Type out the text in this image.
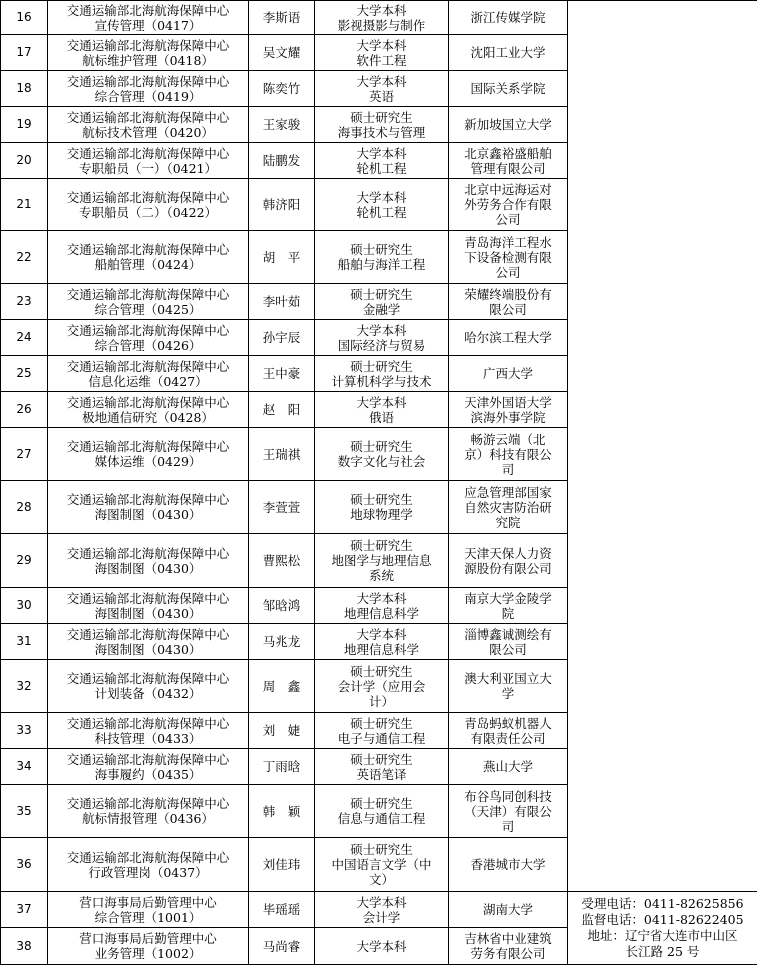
16	交通运输部北海航海保障中心
宣传管理（0417）	李斯语	大学本科
影视摄影与制作	浙江传媒学院	

17	交通运输部北海航海保障中心
航标维护管理（0418）	吴文耀	大学本科
软件工程	沈阳工业大学	

18	交通运输部北海航海保障中心
综合管理（0419）	陈奕竹	大学本科
英语	国际关系学院	

19	交通运输部北海航海保障中心
航标技术管理（0420）	王家骏	硕士研究生
海事技术与管理	新加坡国立大学	

20	交通运输部北海航海保障中心
专职船员（一）（0421）	陆鹏发	大学本科
轮机工程	北京鑫裕盛船舶
管理有限公司	

21	交通运输部北海航海保障中心
专职船员（二）（0422）	韩济阳	大学本科
轮机工程	北京中远海运对
外劳务合作有限
公司	

22	交通运输部北海航海保障中心
船舶管理（0424）	胡　平	硕士研究生
船舶与海洋工程	青岛海洋工程水
下设备检测有限
公司	

23	交通运输部北海航海保障中心
综合管理（0425）	李叶茹	硕士研究生
金融学	荣耀终端股份有
限公司	

24	交通运输部北海航海保障中心
综合管理（0426）	孙宇辰	大学本科
国际经济与贸易	哈尔滨工程大学	

25	交通运输部北海航海保障中心
信息化运维（0427）	王中豪	硕士研究生
计算机科学与技术	广西大学	

26	交通运输部北海航海保障中心
极地通信研究（0428）	赵　阳	大学本科
俄语	天津外国语大学
滨海外事学院	

27	交通运输部北海航海保障中心
媒体运维（0429）	王瑞祺	硕士研究生
数字文化与社会	畅游云端（北
京）科技有限公
司	

28	交通运输部北海航海保障中心
海图制图（0430）	李萱萱	硕士研究生
地球物理学	应急管理部国家
自然灾害防治研
究院	

29	交通运输部北海航海保障中心
海图制图（0430）	曹熙松	硕士研究生
地图学与地理信息
系统	天津天保人力资
源股份有限公司	

30	交通运输部北海航海保障中心
海图制图（0430）	邹晗鸿	大学本科
地理信息科学	南京大学金陵学
院	

31	交通运输部北海航海保障中心
海图制图（0430）	马兆龙	大学本科
地理信息科学	淄博鑫诚测绘有
限公司	

32	交通运输部北海航海保障中心
计划装备（0432）	周　鑫	硕士研究生
会计学（应用会
计）	澳大利亚国立大
学	

33	交通运输部北海航海保障中心
科技管理（0433）	刘　婕	硕士研究生
电子与通信工程	青岛蚂蚁机器人
有限责任公司	

34	交通运输部北海航海保障中心
海事履约（0435）	丁雨晗	硕士研究生
英语笔译	燕山大学	

35	交通运输部北海航海保障中心
航标情报管理（0436）	韩　颖	硕士研究生
信息与通信工程	布谷鸟同创科技
（天津）有限公
司	

36	交通运输部北海航海保障中心
行政管理岗（0437）	刘佳玮	硕士研究生
中国语言文学（中
文）	香港城市大学	

37	营口海事局后勤管理中心
综合管理（1001）	毕瑶瑶	大学本科
会计学	湖南大学	受理电话：0411-82625856
监督电话：0411-82622405
地址：辽宁省大连市中山区
长江路 25 号

38	营口海事局后勤管理中心
业务管理（1002）	马尚睿	大学本科	吉林省中业建筑
劳务有限公司	
